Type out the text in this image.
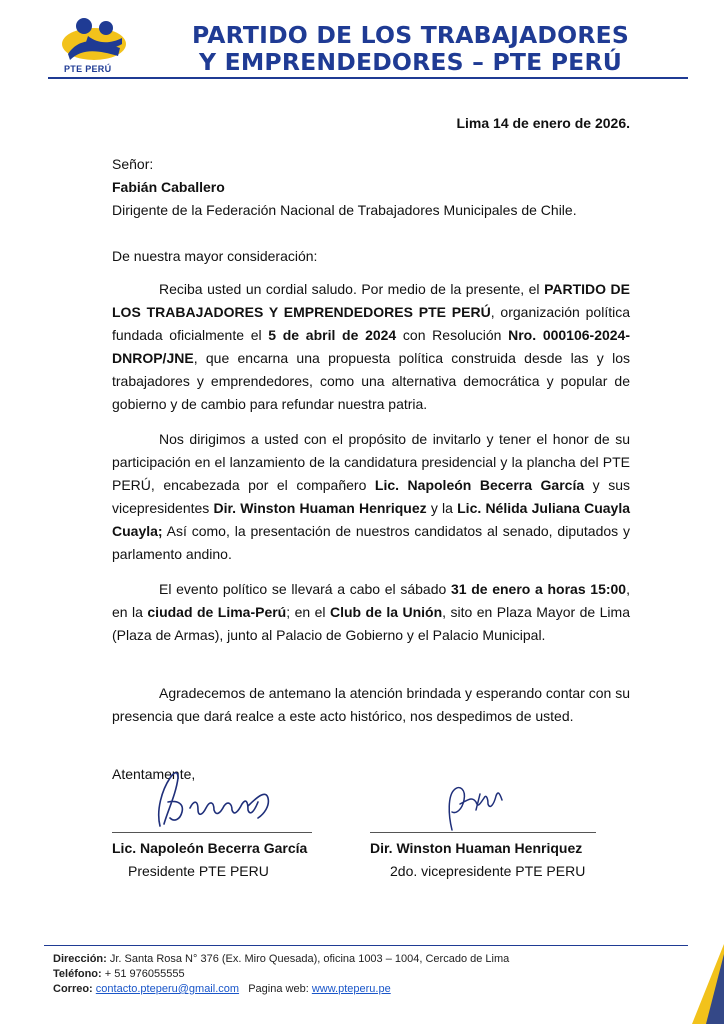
PTE PERÚ
PARTIDO DE LOS TRABAJADORES
Y EMPRENDEDORES – PTE PERÚ

Lima 14 de enero de 2026.

Señor:

Fabián Caballero

Dirigente de la Federación Nacional de Trabajadores Municipales de Chile.

De nuestra mayor consideración:

Reciba usted un cordial saludo. Por medio de la presente, el PARTIDO DE LOS TRABAJADORES Y EMPRENDEDORES PTE PERÚ, organización política fundada oficialmente el 5 de abril de 2024 con Resolución Nro. 000106-2024-DNROP/JNE, que encarna una propuesta política construida desde las y los trabajadores y emprendedores, como una alternativa democrática y popular de gobierno y de cambio para refundar nuestra patria.

Nos dirigimos a usted con el propósito de invitarlo y tener el honor de su participación en el lanzamiento de la candidatura presidencial y la plancha del PTE PERÚ, encabezada por el compañero Lic. Napoleón Becerra García y sus vicepresidentes Dir. Winston Huaman Henriquez y la Lic. Nélida Juliana Cuayla Cuayla; Así como, la presentación de nuestros candidatos al senado, diputados y parlamento andino.

El evento político se llevará a cabo el sábado 31 de enero a horas 15:00, en la ciudad de Lima-Perú; en el Club de la Unión, sito en Plaza Mayor de Lima (Plaza de Armas), junto al Palacio de Gobierno y el Palacio Municipal.

Agradecemos de antemano la atención brindada y esperando contar con su presencia que dará realce a este acto histórico, nos despedimos de usted.

Atentamente,

Lic. Napoleón Becerra García
Presidente PTE PERU
Dir. Winston Huaman Henriquez
2do. vicepresidente PTE PERU

Dirección: Jr. Santa Rosa N° 376 (Ex. Miro Quesada), oficina 1003 – 1004, Cercado de Lima

Teléfono: + 51 976055555

Correo: contacto.pteperu@gmail.com Pagina web: www.pteperu.pe
